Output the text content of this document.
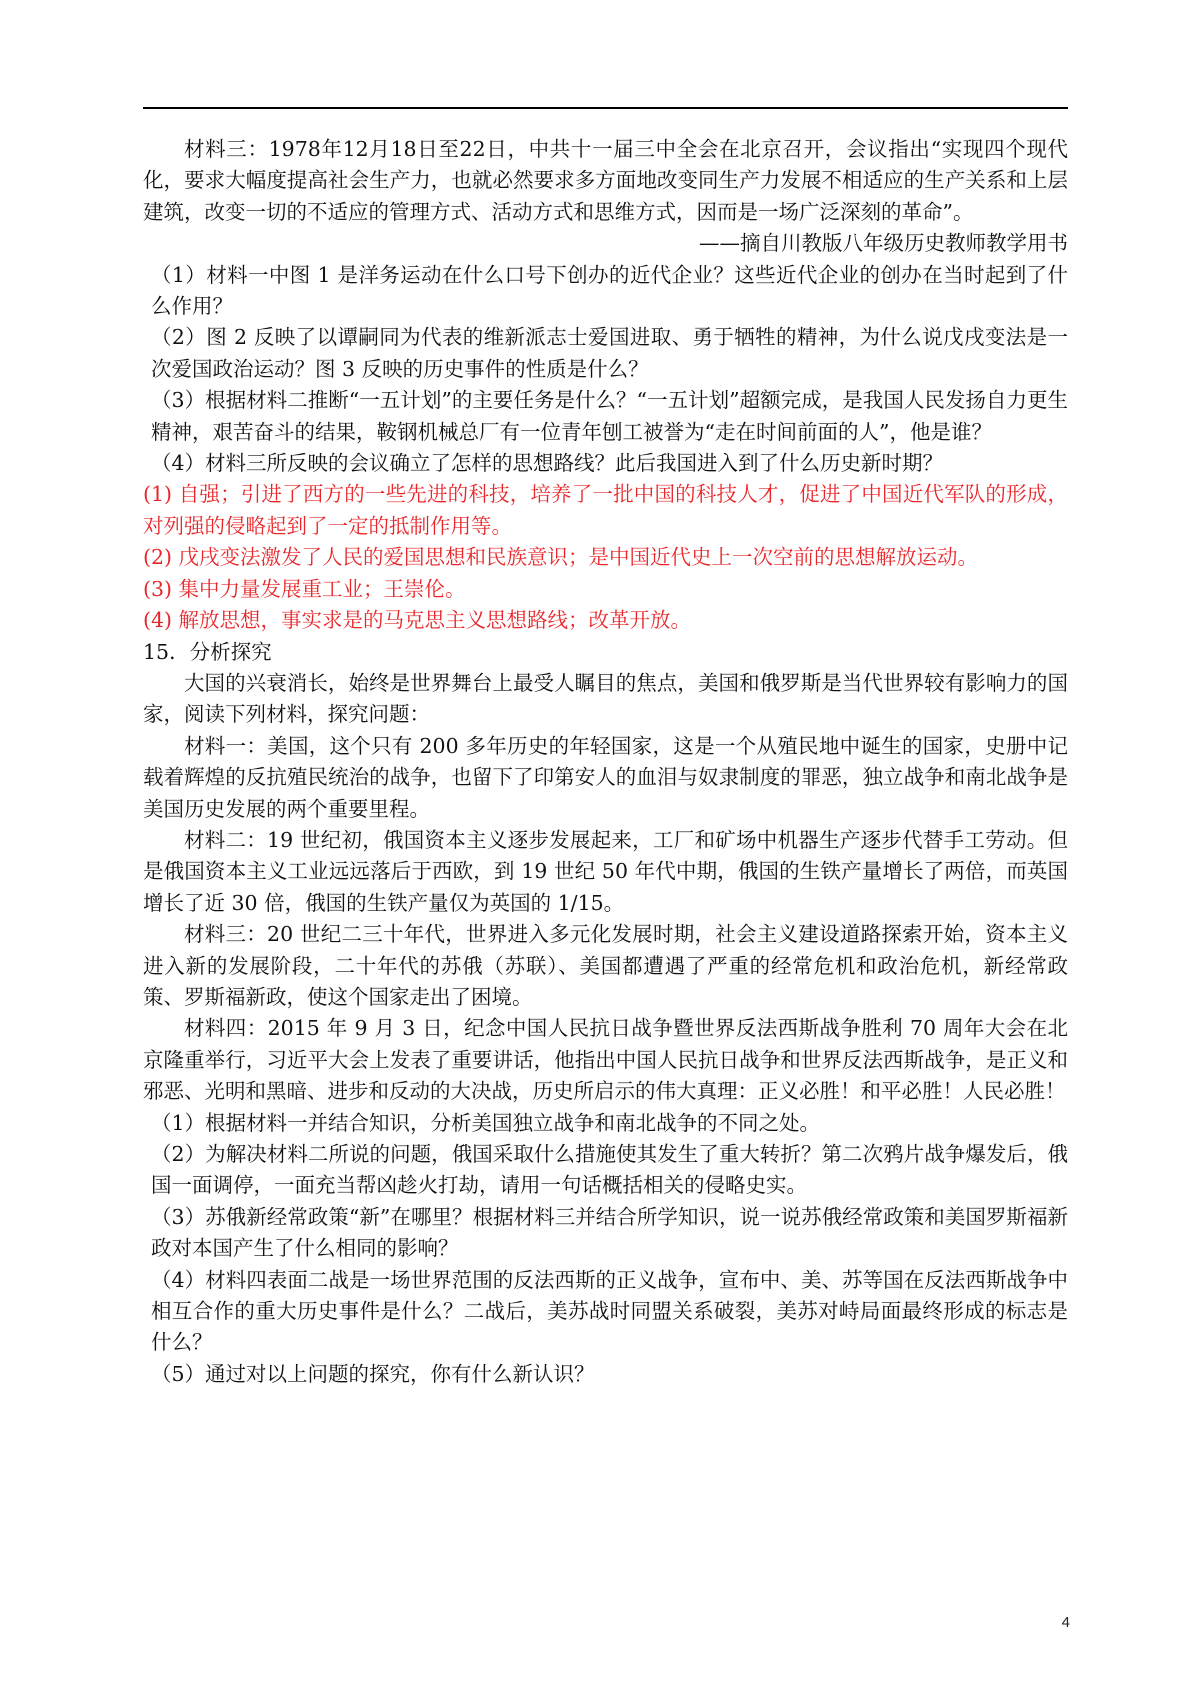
材料三：1978年12月18日至22日，中共十一届三中全会在北京召开，会议指出“实现四个现代化，要求大幅度提高社会生产力，也就必然要求多方面地改变同生产力发展不相适应的生产关系和上层建筑，改变一切的不适应的管理方式、活动方式和思维方式，因而是一场广泛深刻的革命”。

——摘自川教版八年级历史教师教学用书

（1）材料一中图 1 是洋务运动在什么口号下创办的近代企业？这些近代企业的创办在当时起到了什么作用？

（2）图 2 反映了以谭嗣同为代表的维新派志士爱国进取、勇于牺牲的精神，为什么说戊戌变法是一次爱国政治运动？图 3 反映的历史事件的性质是什么？

（3）根据材料二推断“一五计划”的主要任务是什么？“一五计划”超额完成，是我国人民发扬自力更生精神，艰苦奋斗的结果，鞍钢机械总厂有一位青年刨工被誉为“走在时间前面的人”，他是谁？

（4）材料三所反映的会议确立了怎样的思想路线？此后我国进入到了什么历史新时期？

(1) 自强；引进了西方的一些先进的科技，培养了一批中国的科技人才，促进了中国近代军队的形成，对列强的侵略起到了一定的抵制作用等。

(2) 戊戌变法激发了人民的爱国思想和民族意识；是中国近代史上一次空前的思想解放运动。

(3) 集中力量发展重工业；王崇伦。

(4) 解放思想，事实求是的马克思主义思想路线；改革开放。

15．分析探究

大国的兴衰消长，始终是世界舞台上最受人瞩目的焦点，美国和俄罗斯是当代世界较有影响力的国家，阅读下列材料，探究问题：

材料一：美国，这个只有 200 多年历史的年轻国家，这是一个从殖民地中诞生的国家，史册中记载着辉煌的反抗殖民统治的战争，也留下了印第安人的血泪与奴隶制度的罪恶，独立战争和南北战争是美国历史发展的两个重要里程。

材料二：19 世纪初，俄国资本主义逐步发展起来，工厂和矿场中机器生产逐步代替手工劳动。但是俄国资本主义工业远远落后于西欧，到 19 世纪 50 年代中期，俄国的生铁产量增长了两倍，而英国增长了近 30 倍，俄国的生铁产量仅为英国的 1/15。

材料三：20 世纪二三十年代，世界进入多元化发展时期，社会主义建设道路探索开始，资本主义进入新的发展阶段，二十年代的苏俄（苏联）、美国都遭遇了严重的经常危机和政治危机，新经常政策、罗斯福新政，使这个国家走出了困境。

材料四：2015 年 9 月 3 日，纪念中国人民抗日战争暨世界反法西斯战争胜利 70 周年大会在北京隆重举行，习近平大会上发表了重要讲话，他指出中国人民抗日战争和世界反法西斯战争，是正义和邪恶、光明和黑暗、进步和反动的大决战，历史所启示的伟大真理：正义必胜！和平必胜！人民必胜！

（1）根据材料一并结合知识，分析美国独立战争和南北战争的不同之处。

（2）为解决材料二所说的问题，俄国采取什么措施使其发生了重大转折？第二次鸦片战争爆发后，俄国一面调停，一面充当帮凶趁火打劫，请用一句话概括相关的侵略史实。

（3）苏俄新经常政策“新”在哪里？根据材料三并结合所学知识，说一说苏俄经常政策和美国罗斯福新政对本国产生了什么相同的影响？

（4）材料四表面二战是一场世界范围的反法西斯的正义战争，宣布中、美、苏等国在反法西斯战争中相互合作的重大历史事件是什么？二战后，美苏战时同盟关系破裂，美苏对峙局面最终形成的标志是什么？

（5）通过对以上问题的探究，你有什么新认识？

4
